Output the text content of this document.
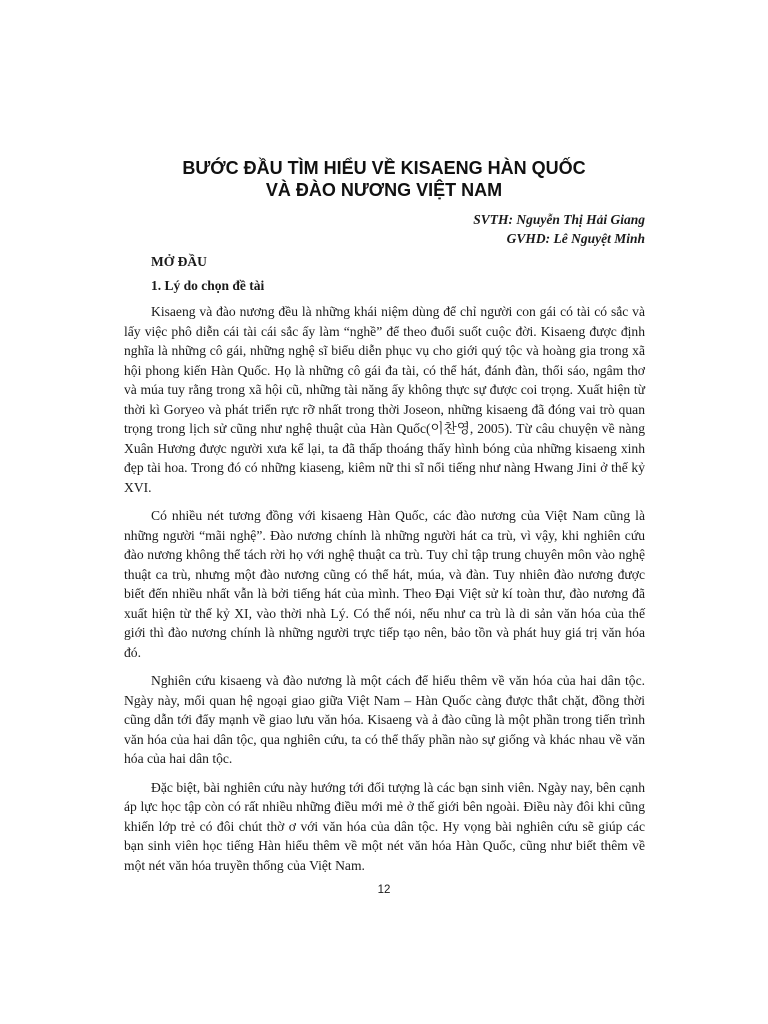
BƯỚC ĐẦU TÌM HIỂU VỀ KISAENG HÀN QUỐC
VÀ ĐÀO NƯƠNG VIỆT NAM
SVTH: Nguyễn Thị Hải Giang
GVHD: Lê Nguyệt Minh
MỞ ĐẦU
1. Lý do chọn đề tài

Kisaeng và đào nương đều là những khái niệm dùng để chỉ người con gái có tài có sắc và lấy việc phô diễn cái tài cái sắc ấy làm “nghề” để theo đuổi suốt cuộc đời. Kisaeng được định nghĩa là những cô gái, những nghệ sĩ biểu diễn phục vụ cho giới quý tộc và hoàng gia trong xã hội phong kiến Hàn Quốc. Họ là những cô gái đa tài, có thể hát, đánh đàn, thổi sáo, ngâm thơ và múa tuy rằng trong xã hội cũ, những tài năng ấy không thực sự được coi trọng. Xuất hiện từ thời kì Goryeo và phát triển rực rỡ nhất trong thời Joseon, những kisaeng đã đóng vai trò quan trọng trong lịch sử cũng như nghệ thuật của Hàn Quốc(이찬영, 2005). Từ câu chuyện về nàng Xuân Hương được người xưa kể lại, ta đã thấp thoáng thấy hình bóng của những kisaeng xinh đẹp tài hoa. Trong đó có những kiaseng, kiêm nữ thi sĩ nổi tiếng như nàng Hwang Jini ở thế kỷ XVI.

Có nhiều nét tương đồng với kisaeng Hàn Quốc, các đào nương của Việt Nam cũng là những người “mãi nghệ”. Đào nương chính là những người hát ca trù, vì vậy, khi nghiên cứu đào nương không thể tách rời họ với nghệ thuật ca trù. Tuy chỉ tập trung chuyên môn vào nghệ thuật ca trù, nhưng một đào nương cũng có thể hát, múa, và đàn. Tuy nhiên đào nương được biết đến nhiều nhất vẫn là bởi tiếng hát của mình. Theo Đại Việt sử kí toàn thư, đào nương đã xuất hiện từ thế kỷ XI, vào thời nhà Lý. Có thể nói, nếu như ca trù là di sản văn hóa của thế giới thì đào nương chính là những người trực tiếp tạo nên, bảo tồn và phát huy giá trị văn hóa đó.

Nghiên cứu kisaeng và đào nương là một cách để hiểu thêm về văn hóa của hai dân tộc. Ngày này, mối quan hệ ngoại giao giữa Việt Nam – Hàn Quốc càng được thắt chặt, đồng thời cũng dẫn tới đẩy mạnh về giao lưu văn hóa. Kisaeng và ả đào cũng là một phần trong tiến trình văn hóa của hai dân tộc, qua nghiên cứu, ta có thể thấy phần nào sự giống và khác nhau về văn hóa của hai dân tộc.

Đặc biệt, bài nghiên cứu này hướng tới đối tượng là các bạn sinh viên. Ngày nay, bên cạnh áp lực học tập còn có rất nhiều những điều mới mẻ ở thế giới bên ngoài. Điều này đôi khi cũng khiến lớp trẻ có đôi chút thờ ơ với văn hóa của dân tộc. Hy vọng bài nghiên cứu sẽ giúp các bạn sinh viên học tiếng Hàn hiểu thêm về một nét văn hóa Hàn Quốc, cũng như biết thêm về một nét văn hóa truyền thống của Việt Nam.

12
